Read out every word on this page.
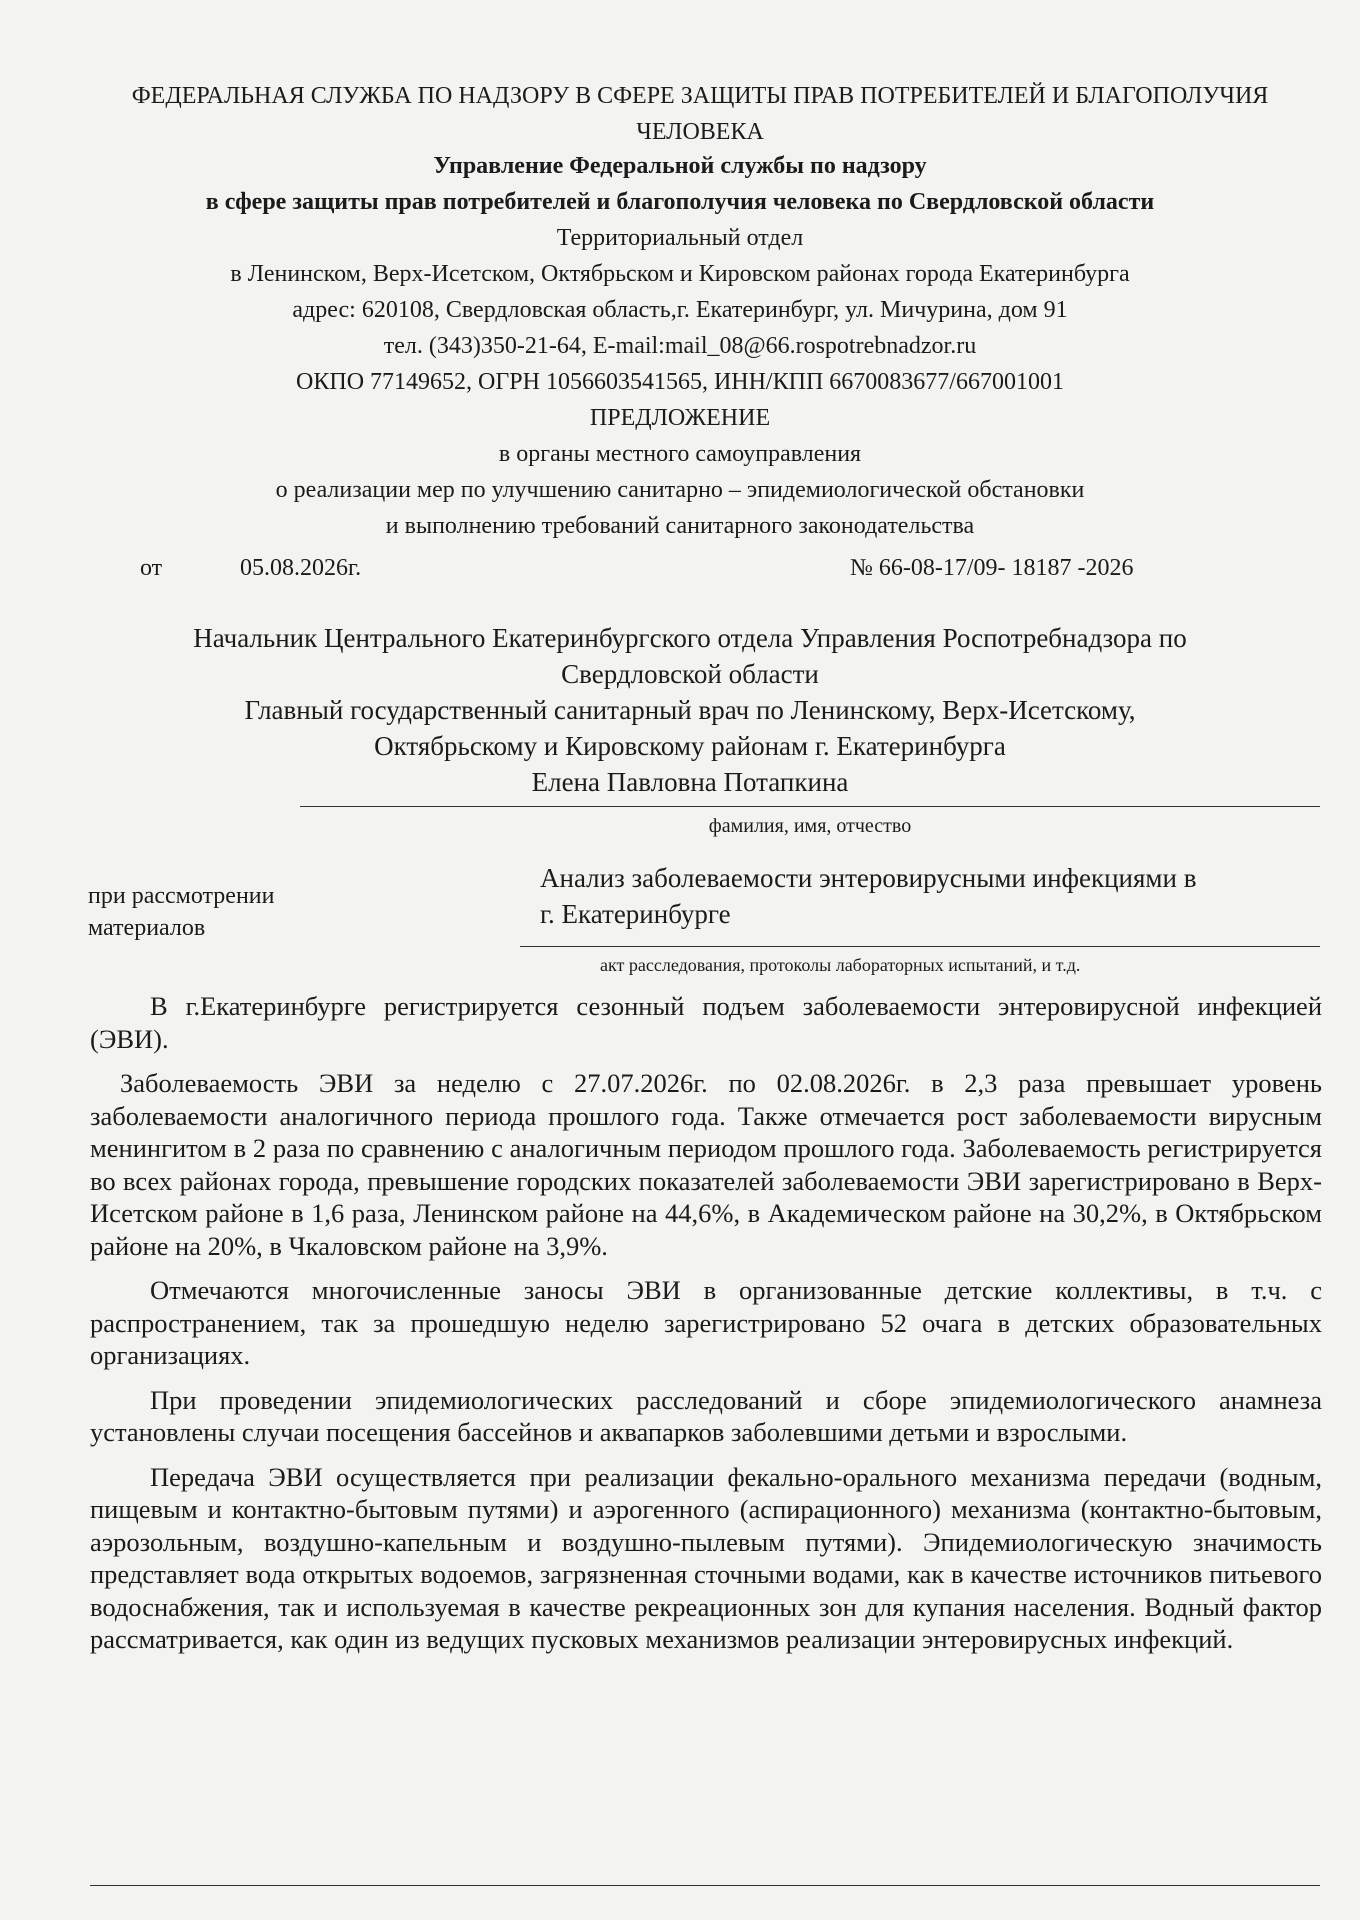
ФЕДЕРАЛЬНАЯ СЛУЖБА ПО НАДЗОРУ В СФЕРЕ ЗАЩИТЫ ПРАВ ПОТРЕБИТЕЛЕЙ И БЛАГОПОЛУЧИЯ ЧЕЛОВЕКА
Управление Федеральной службы по надзору
в сфере защиты прав потребителей и благополучия человека по Свердловской области
Территориальный отдел
в Ленинском, Верх-Исетском, Октябрьском и Кировском районах города Екатеринбурга
адрес: 620108, Свердловская область,г. Екатеринбург, ул. Мичурина, дом 91
тел. (343)350-21-64, E-mail:mail_08@66.rospotrebnadzor.ru
ОКПО 77149652, ОГРН 1056603541565, ИНН/КПП 6670083677/667001001
ПРЕДЛОЖЕНИЕ
в органы местного самоуправления
о реализации мер по улучшению санитарно – эпидемиологической обстановки
и выполнению требований санитарного законодательства
от	05.08.2026г.	№ 66-08-17/09- 18187 -2026
Начальник Центрального Екатеринбургского отдела Управления Роспотребнадзора по
Свердловской области
Главный государственный санитарный врач по Ленинскому, Верх-Исетскому,
Октябрьскому и Кировскому районам г. Екатеринбурга
Елена Павловна Потапкина
фамилия, имя, отчество
при рассмотрении
материалов
Анализ заболеваемости энтеровирусными инфекциями в
г. Екатеринбурге
акт расследования, протоколы лабораторных испытаний, и т.д.

В г.Екатеринбурге регистрируется сезонный подъем заболеваемости энтеровирусной инфекцией (ЭВИ).

Заболеваемость ЭВИ за неделю с 27.07.2026г. по 02.08.2026г. в 2,3 раза превышает уровень заболеваемости аналогичного периода прошлого года. Также отмечается рост заболеваемости вирусным менингитом в 2 раза по сравнению с аналогичным периодом прошлого года. Заболеваемость регистрируется во всех районах города, превышение городских показателей заболеваемости ЭВИ зарегистрировано в Верх-Исетском районе в 1,6 раза, Ленинском районе на 44,6%, в Академическом районе на 30,2%, в Октябрьском районе на 20%, в Чкаловском районе на 3,9%.

Отмечаются многочисленные заносы ЭВИ в организованные детские коллективы, в т.ч. с распространением, так за прошедшую неделю зарегистрировано 52 очага в детских образовательных организациях.

При проведении эпидемиологических расследований и сборе эпидемиологического анамнеза установлены случаи посещения бассейнов и аквапарков заболевшими детьми и взрослыми.

Передача ЭВИ осуществляется при реализации фекально-орального механизма передачи (водным, пищевым и контактно-бытовым путями) и аэрогенного (аспирационного) механизма (контактно-бытовым, аэрозольным, воздушно-капельным и воздушно-пылевым путями). Эпидемиологическую значимость представляет вода открытых водоемов, загрязненная сточными водами, как в качестве источников питьевого водоснабжения, так и используемая в качестве рекреационных зон для купания населения. Водный фактор рассматривается, как один из ведущих пусковых механизмов реализации энтеровирусных инфекций.
